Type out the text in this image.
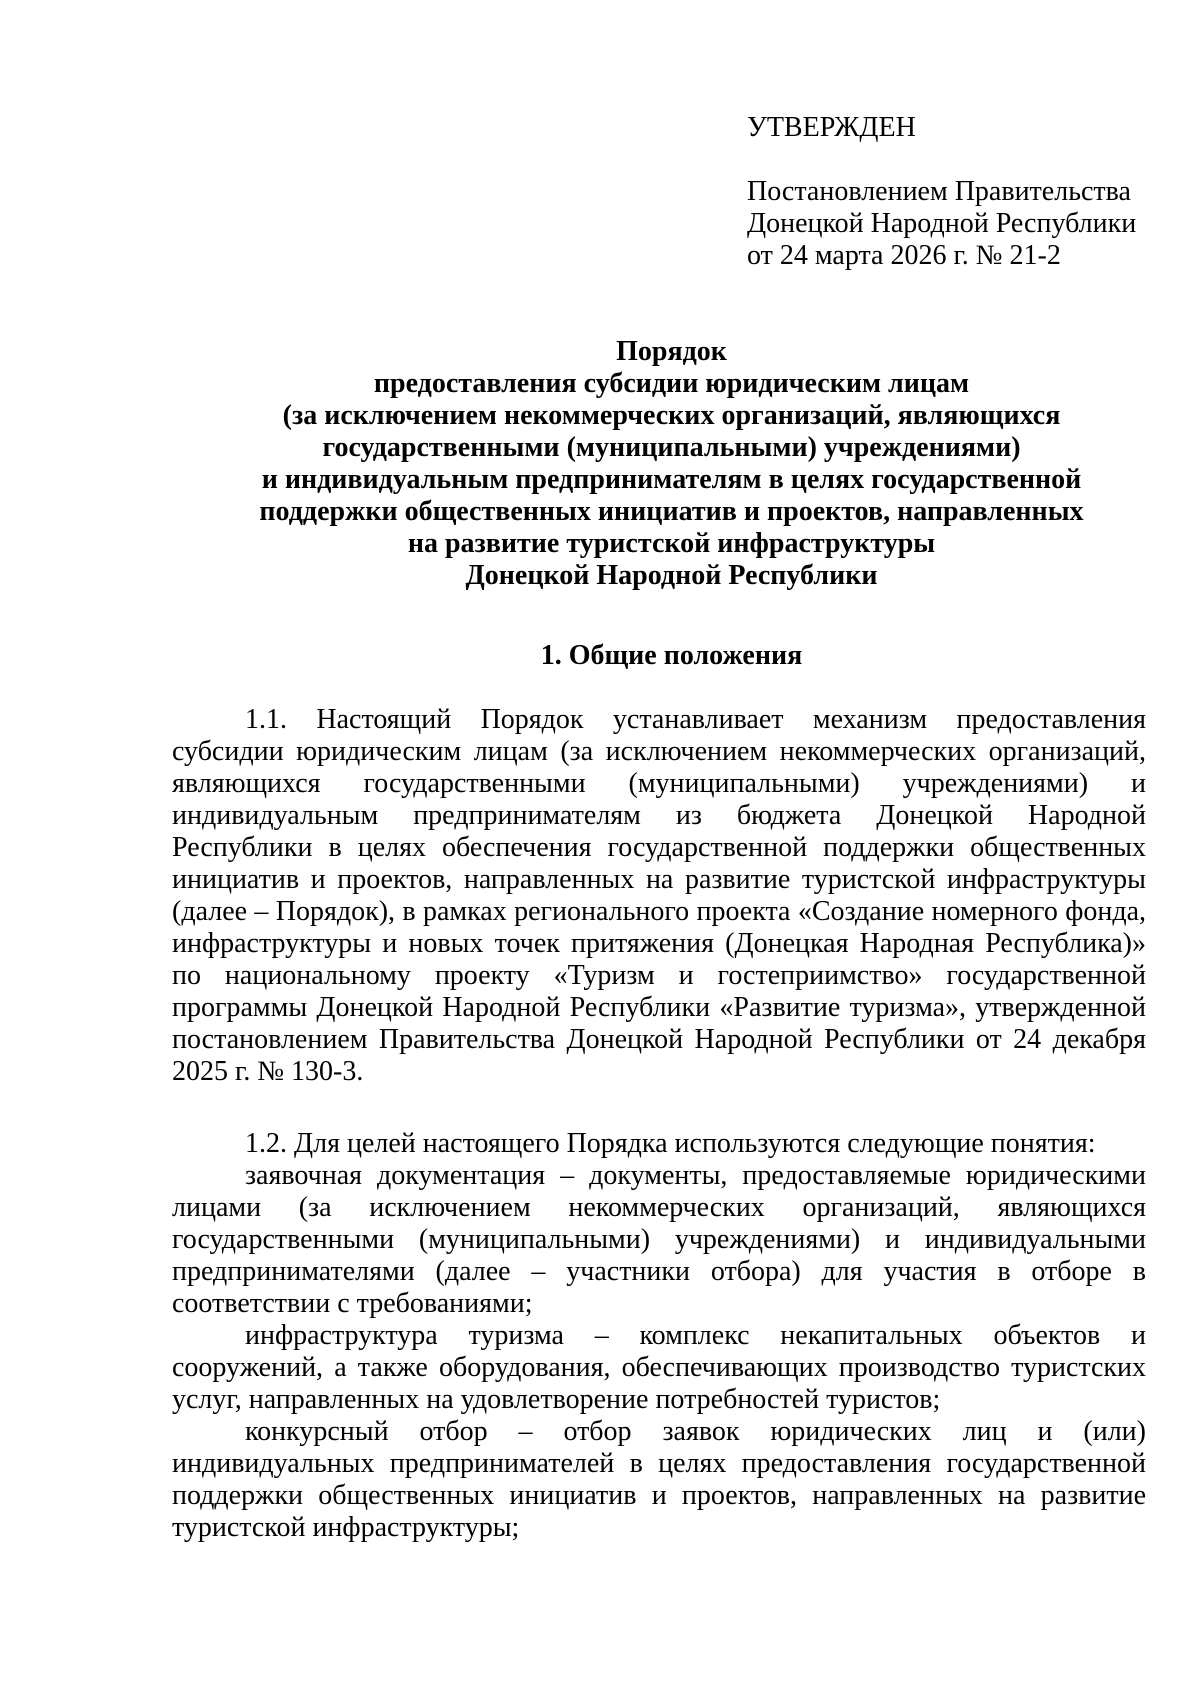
УТВЕРЖДЕН
Постановлением Правительства
Донецкой Народной Республики
от 24 марта 2026 г. № 21-2
Порядок
предоставления субсидии юридическим лицам
(за исключением некоммерческих организаций, являющихся
государственными (муниципальными) учреждениями)
и индивидуальным предпринимателям в целях государственной
поддержки общественных инициатив и проектов, направленных
на развитие туристской инфраструктуры
Донецкой Народной Республики
1. Общие положения

1.1. Настоящий Порядок устанавливает механизм предоставления субсидии юридическим лицам (за исключением некоммерческих организаций, являющихся государственными (муниципальными) учреждениями) и индивидуальным предпринимателям из бюджета Донецкой Народной Республики в целях обеспечения государственной поддержки общественных инициатив и проектов, направленных на развитие туристской инфраструктуры (далее – Порядок), в рамках регионального проекта «Создание номерного фонда, инфраструктуры и новых точек притяжения (Донецкая Народная Республика)» по национальному проекту «Туризм и гостеприимство» государственной программы Донецкой Народной Республики «Развитие туризма», утвержденной постановлением Правительства Донецкой Народной Республики от 24 декабря 2025 г. № 130-3.

1.2. Для целей настоящего Порядка используются следующие понятия:

заявочная документация – документы, предоставляемые юридическими лицами (за исключением некоммерческих организаций, являющихся государственными (муниципальными) учреждениями) и индивидуальными предпринимателями (далее – участники отбора) для участия в отборе в соответствии с требованиями;

инфраструктура туризма – комплекс некапитальных объектов и сооружений, а также оборудования, обеспечивающих производство туристских услуг, направленных на удовлетворение потребностей туристов;

конкурсный отбор – отбор заявок юридических лиц и (или) индивидуальных предпринимателей в целях предоставления государственной поддержки общественных инициатив и проектов, направленных на развитие туристской инфраструктуры;
